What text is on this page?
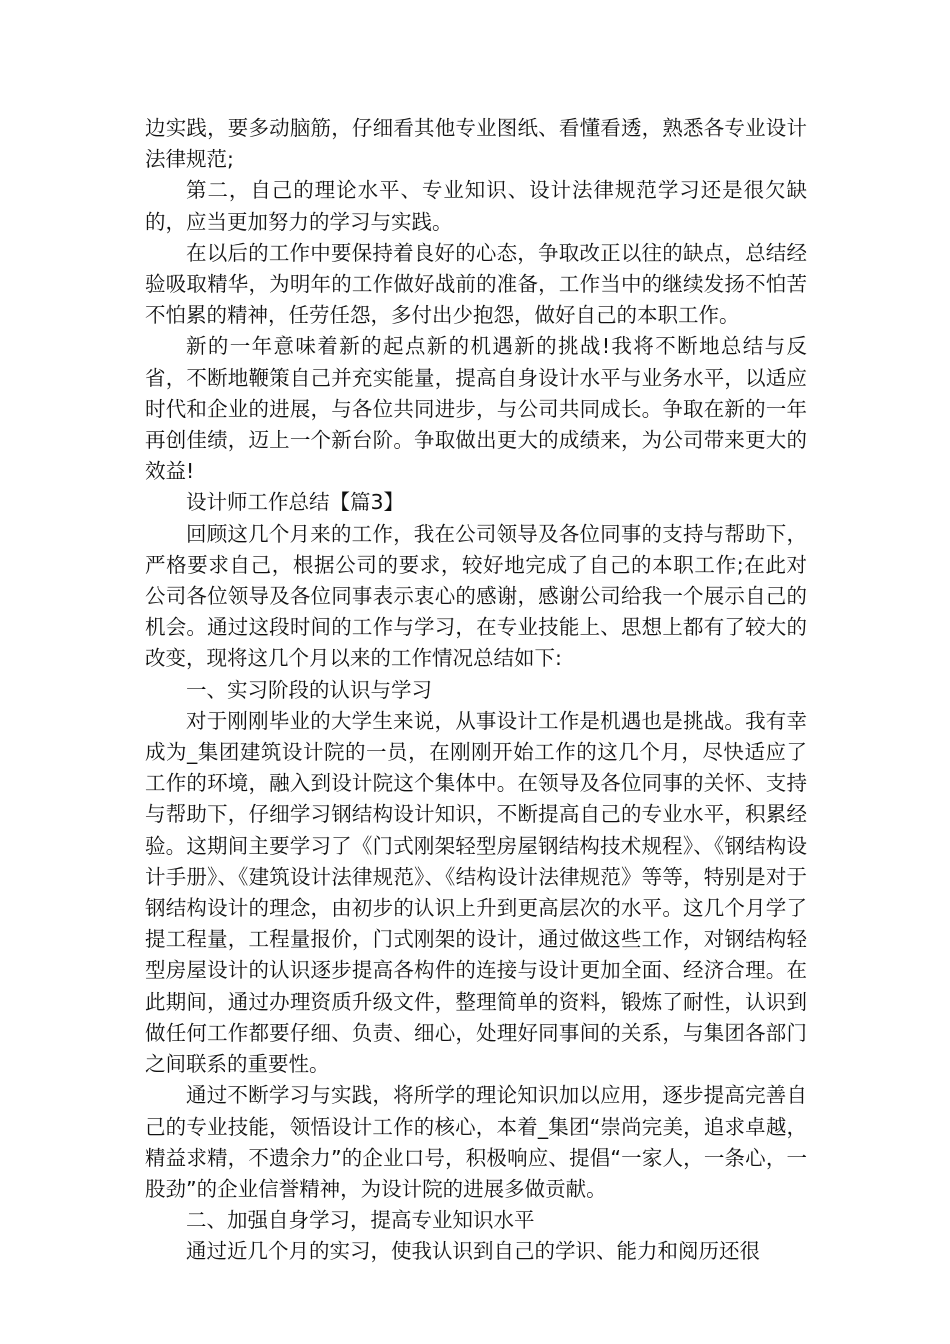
边实践，要多动脑筋，仔细看其他专业图纸、看懂看透，熟悉各专业设计法律规范;

第二，自己的理论水平、专业知识、设计法律规范学习还是很欠缺的，应当更加努力的学习与实践。

在以后的工作中要保持着良好的心态，争取改正以往的缺点，总结经验吸取精华，为明年的工作做好战前的准备，工作当中的继续发扬不怕苦不怕累的精神，任劳任怨，多付出少抱怨，做好自己的本职工作。

新的一年意味着新的起点新的机遇新的挑战!我将不断地总结与反省，不断地鞭策自己并充实能量，提高自身设计水平与业务水平，以适应时代和企业的进展，与各位共同进步，与公司共同成长。争取在新的一年再创佳绩，迈上一个新台阶。争取做出更大的成绩来，为公司带来更大的效益!

设计师工作总结【篇3】

回顾这几个月来的工作，我在公司领导及各位同事的支持与帮助下，严格要求自己，根据公司的要求，较好地完成了自己的本职工作;在此对公司各位领导及各位同事表示衷心的感谢，感谢公司给我一个展示自己的机会。通过这段时间的工作与学习，在专业技能上、思想上都有了较大的改变，现将这几个月以来的工作情况总结如下:

一、实习阶段的认识与学习

对于刚刚毕业的大学生来说，从事设计工作是机遇也是挑战。我有幸成为_集团建筑设计院的一员，在刚刚开始工作的这几个月，尽快适应了工作的环境，融入到设计院这个集体中。在领导及各位同事的关怀、支持与帮助下，仔细学习钢结构设计知识，不断提高自己的专业水平，积累经验。这期间主要学习了《门式刚架轻型房屋钢结构技术规程》、《钢结构设计手册》、《建筑设计法律规范》、《结构设计法律规范》等等，特别是对于钢结构设计的理念，由初步的认识上升到更高层次的水平。这几个月学了提工程量，工程量报价，门式刚架的设计，通过做这些工作，对钢结构轻型房屋设计的认识逐步提高各构件的连接与设计更加全面、经济合理。在此期间，通过办理资质升级文件，整理简单的资料，锻炼了耐性，认识到做任何工作都要仔细、负责、细心，处理好同事间的关系，与集团各部门之间联系的重要性。

通过不断学习与实践，将所学的理论知识加以应用，逐步提高完善自己的专业技能，领悟设计工作的核心，本着_集团“崇尚完美，追求卓越，精益求精，不遗余力”的企业口号，积极响应、提倡“一家人，一条心，一股劲”的企业信誉精神，为设计院的进展多做贡献。

二、加强自身学习，提高专业知识水平

通过近几个月的实习，使我认识到自己的学识、能力和阅历还很
